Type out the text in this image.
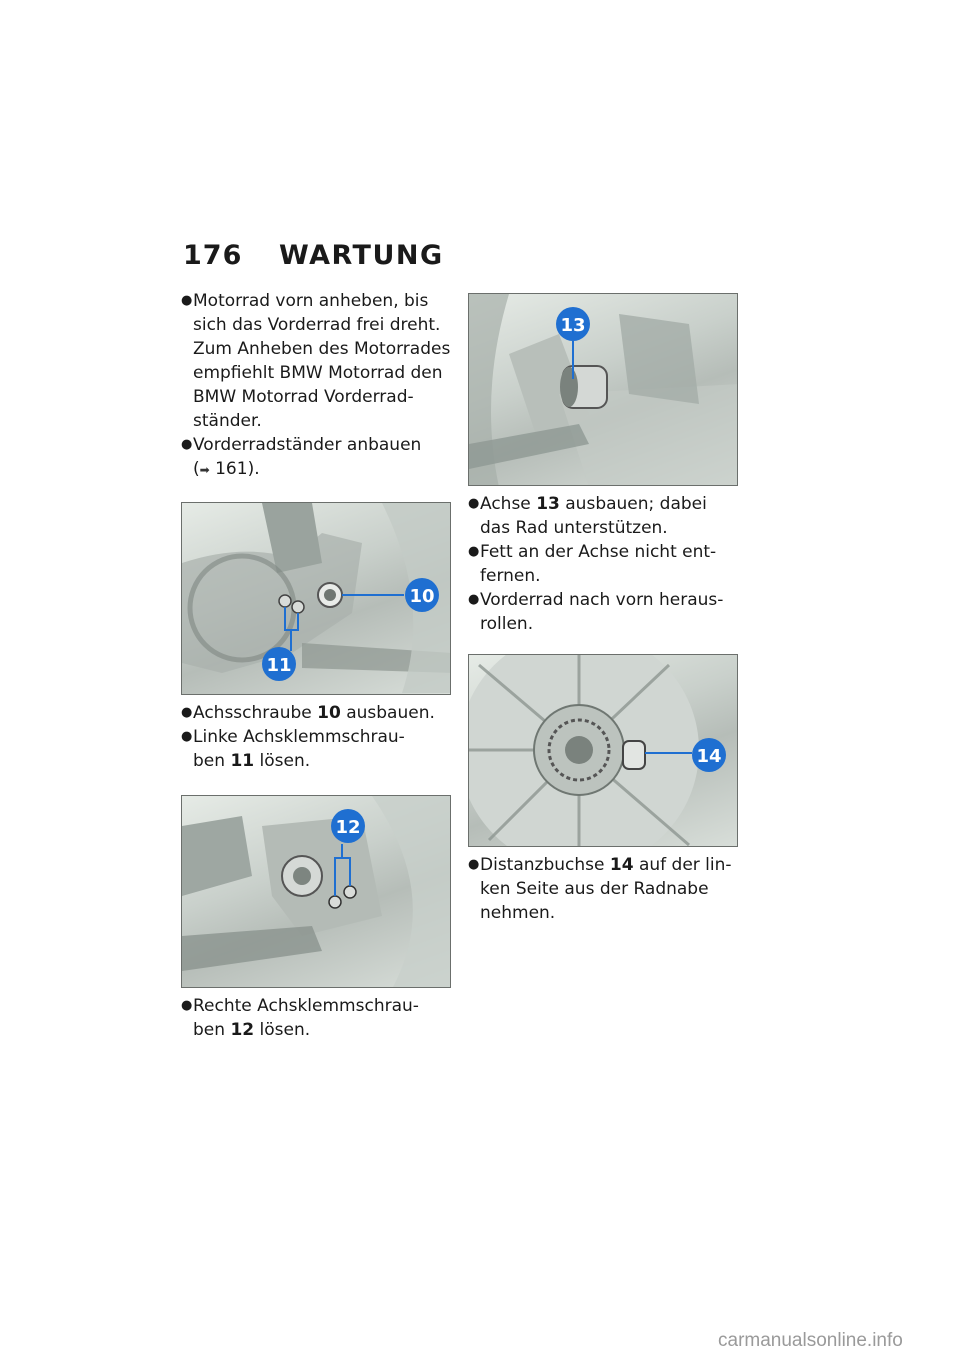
176	WARTUNG

● Motorrad vorn anheben, bis
sich das Vorderrad frei dreht.
Zum Anheben des Motorrades
empfiehlt BMW Motorrad den
BMW Motorrad Vorderrad-
ständer.

● Vorderradständer anbauen
(➡ 161).

10
11

● Achsschraube 10 ausbauen.

● Linke Achsklemmschrau-
ben 11 lösen.

12

● Rechte Achsklemmschrau-
ben 12 lösen.

13

● Achse 13 ausbauen; dabei
das Rad unterstützen.

● Fett an der Achse nicht ent-
fernen.

● Vorderrad nach vorn heraus-
rollen.

14

● Distanzbuchse 14 auf der lin-
ken Seite aus der Radnabe
nehmen.

carmanualsonline.info
